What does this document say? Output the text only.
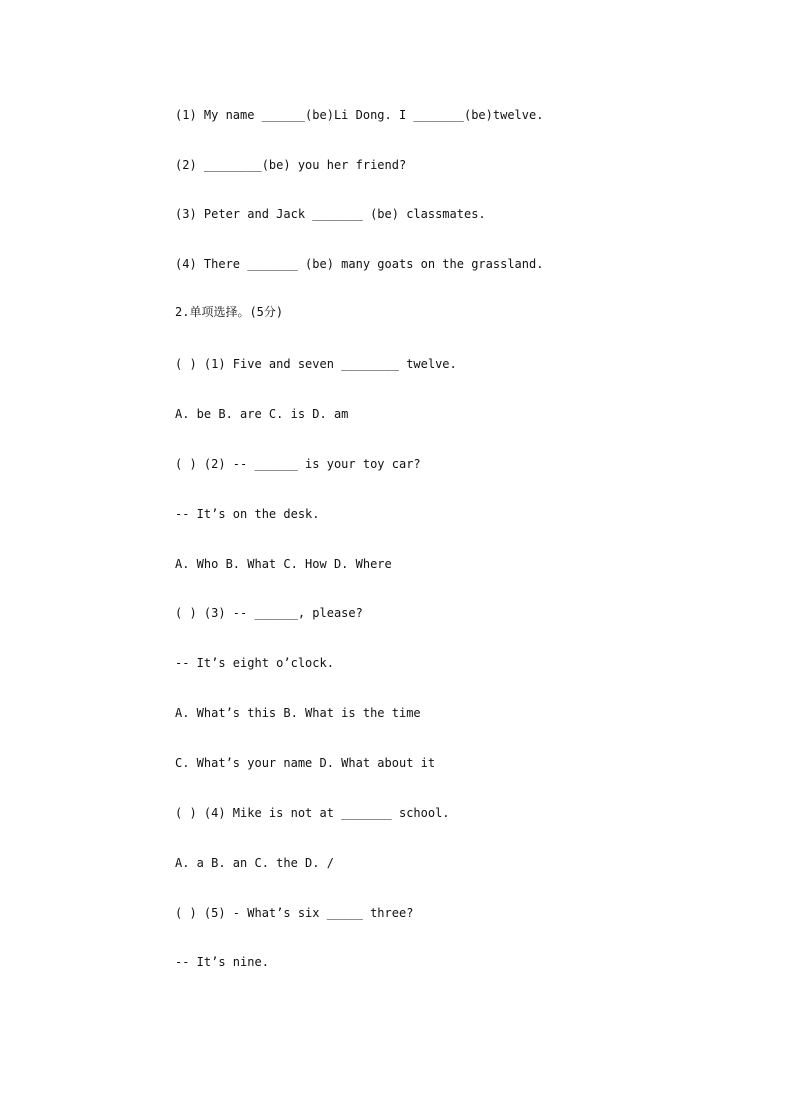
(1) My name ______(be)Li Dong. I _______(be)twelve.

(2) ________(be) you her friend?

(3) Peter and Jack _______ (be) classmates.

(4) There _______ (be) many goats on the grassland.

2.单项选择。(5分)

( ) (1) Five and seven ________ twelve.

A. be B. are C. is D. am

( ) (2) -- ______ is your toy car?

-- It’s on the desk.

A. Who B. What C. How D. Where

( ) (3) -- ______, please?

-- It’s eight o’clock.

A. What’s this B. What is the time

C. What’s your name D. What about it

( ) (4) Mike is not at _______ school.

A. a B. an C. the D. /

( ) (5) - What’s six _____ three?

-- It’s nine.
